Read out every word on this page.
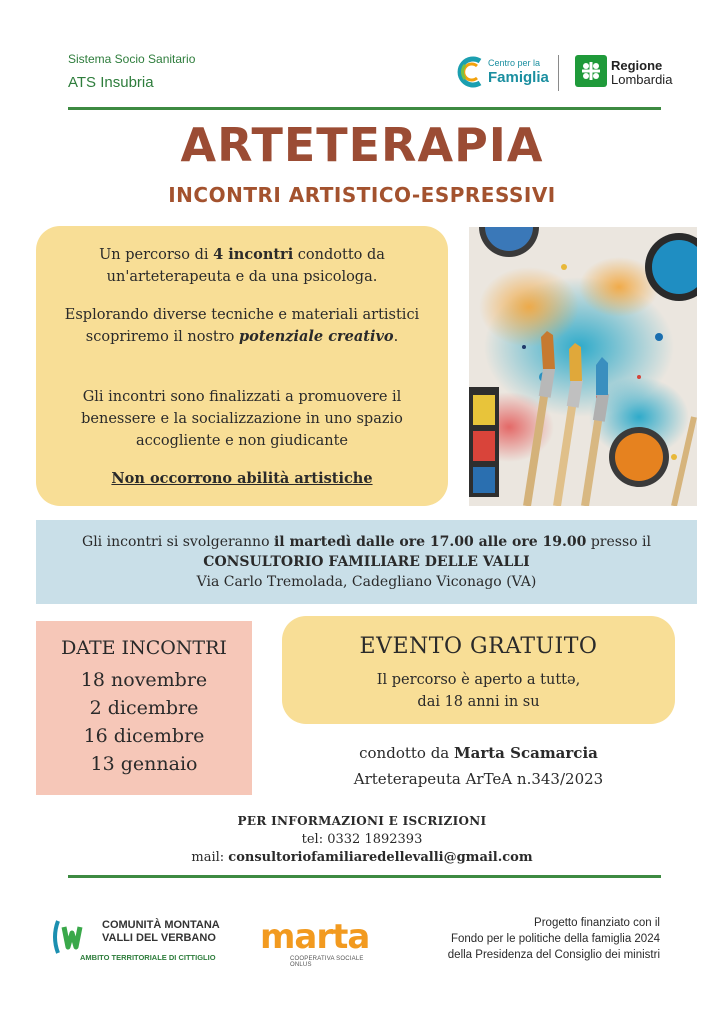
Sistema Socio Sanitario
ATS Insubria
Centro per la
Famiglia
Regione
Lombardia
ARTETERAPIA
INCONTRI ARTISTICO-ESPRESSIVI
Un percorso di 4 incontri condotto da un'arteterapeuta e da una psicologa.
Esplorando diverse tecniche e materiali artistici scopriremo il nostro potenziale creativo.
Gli incontri sono finalizzati a promuovere il benessere e la socializzazione in uno spazio accogliente e non giudicante
Non occorrono abilità artistiche
Gli incontri si svolgeranno il martedì dalle ore 17.00 alle ore 19.00 presso il
CONSULTORIO FAMILIARE DELLE VALLI
Via Carlo Tremolada, Cadegliano Viconago (VA)
DATE INCONTRI
18 novembre
2 dicembre
16 dicembre
13 gennaio
EVENTO GRATUITO
Il percorso è aperto a tuttə,
dai 18 anni in su
condotto da Marta Scamarcia
Arteterapeuta ArTeA n.343/2023
PER INFORMAZIONI E ISCRIZIONI
tel: 0332 1892393
mail: consultoriofamiliaredellevalli@gmail.com
COMUNITÀ MONTANA
VALLI DEL VERBANO
AMBITO TERRITORIALE DI CITTIGLIO
marta
COOPERATIVA SOCIALE ONLUS
Progetto finanziato con il
Fondo per le politiche della famiglia 2024
della Presidenza del Consiglio dei ministri
